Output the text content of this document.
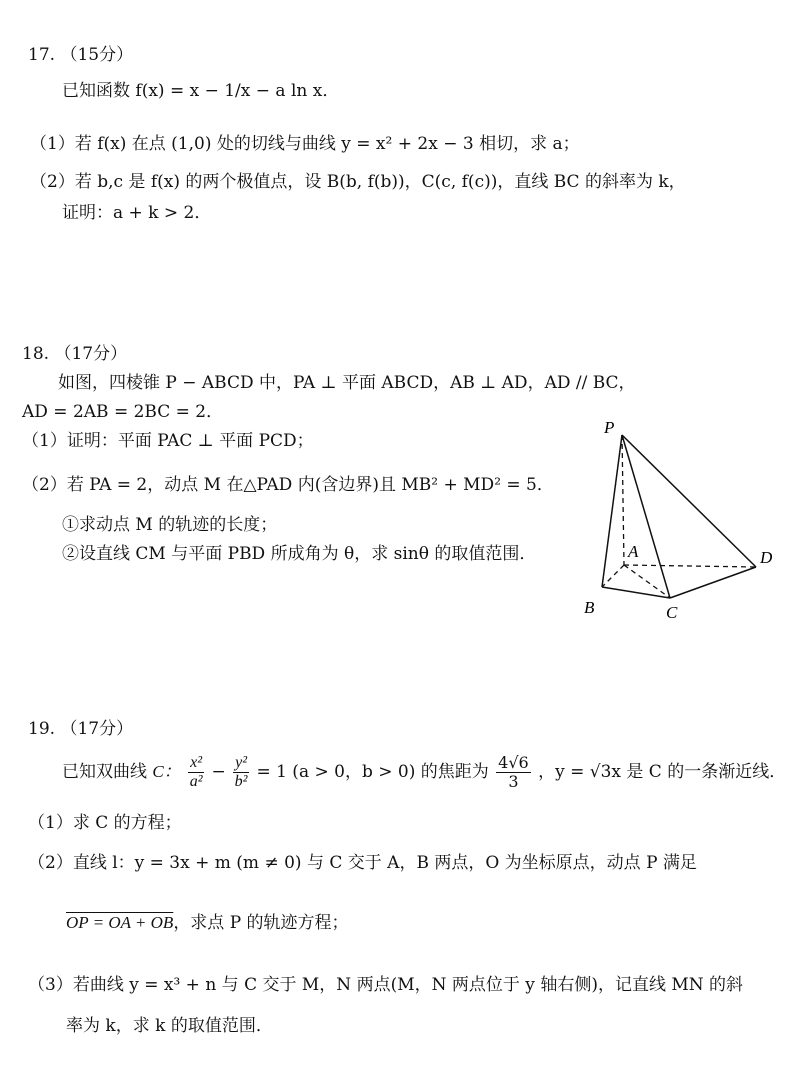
17. （15分）
已知函数 f(x) = x − 1/x − a ln x．
（1）若 f(x) 在点 (1,0) 处的切线与曲线 y = x² + 2x − 3 相切，求 a；
（2）若 b,c 是 f(x) 的两个极值点，设 B(b, f(b))，C(c, f(c))，直线 BC 的斜率为 k，
证明：a + k > 2．
18. （17分）
如图，四棱锥 P − ABCD 中，PA ⊥ 平面 ABCD，AB ⊥ AD，AD // BC，
AD = 2AB = 2BC = 2．
（1）证明：平面 PAC ⊥ 平面 PCD；
（2）若 PA = 2，动点 M 在△PAD 内(含边界)且 MB² + MD² = 5．
①求动点 M 的轨迹的长度；
②设直线 CM 与平面 PBD 所成角为 θ，求 sinθ 的取值范围．
P
A
B	C
D
19. （17分）
已知双曲线 C： $\frac{\text{x²}}{\text{a²}} - \frac{\text{y²}}{\text{b²}} = 1$ (a > 0，b > 0) 的焦距为 $\frac{4√6}{3}$ ，y = √3x 是 C 的一条渐近线．
（1）求 C 的方程；
（2）直线 l：y = 3x + m (m ≠ 0) 与 C 交于 A，B 两点，O 为坐标原点，动点 P 满足
OP = OA + OB，求点 P 的轨迹方程；
（3）若曲线 y = x³ + n 与 C 交于 M，N 两点(M，N 两点位于 y 轴右侧)，记直线 MN 的斜
率为 k，求 k 的取值范围．
